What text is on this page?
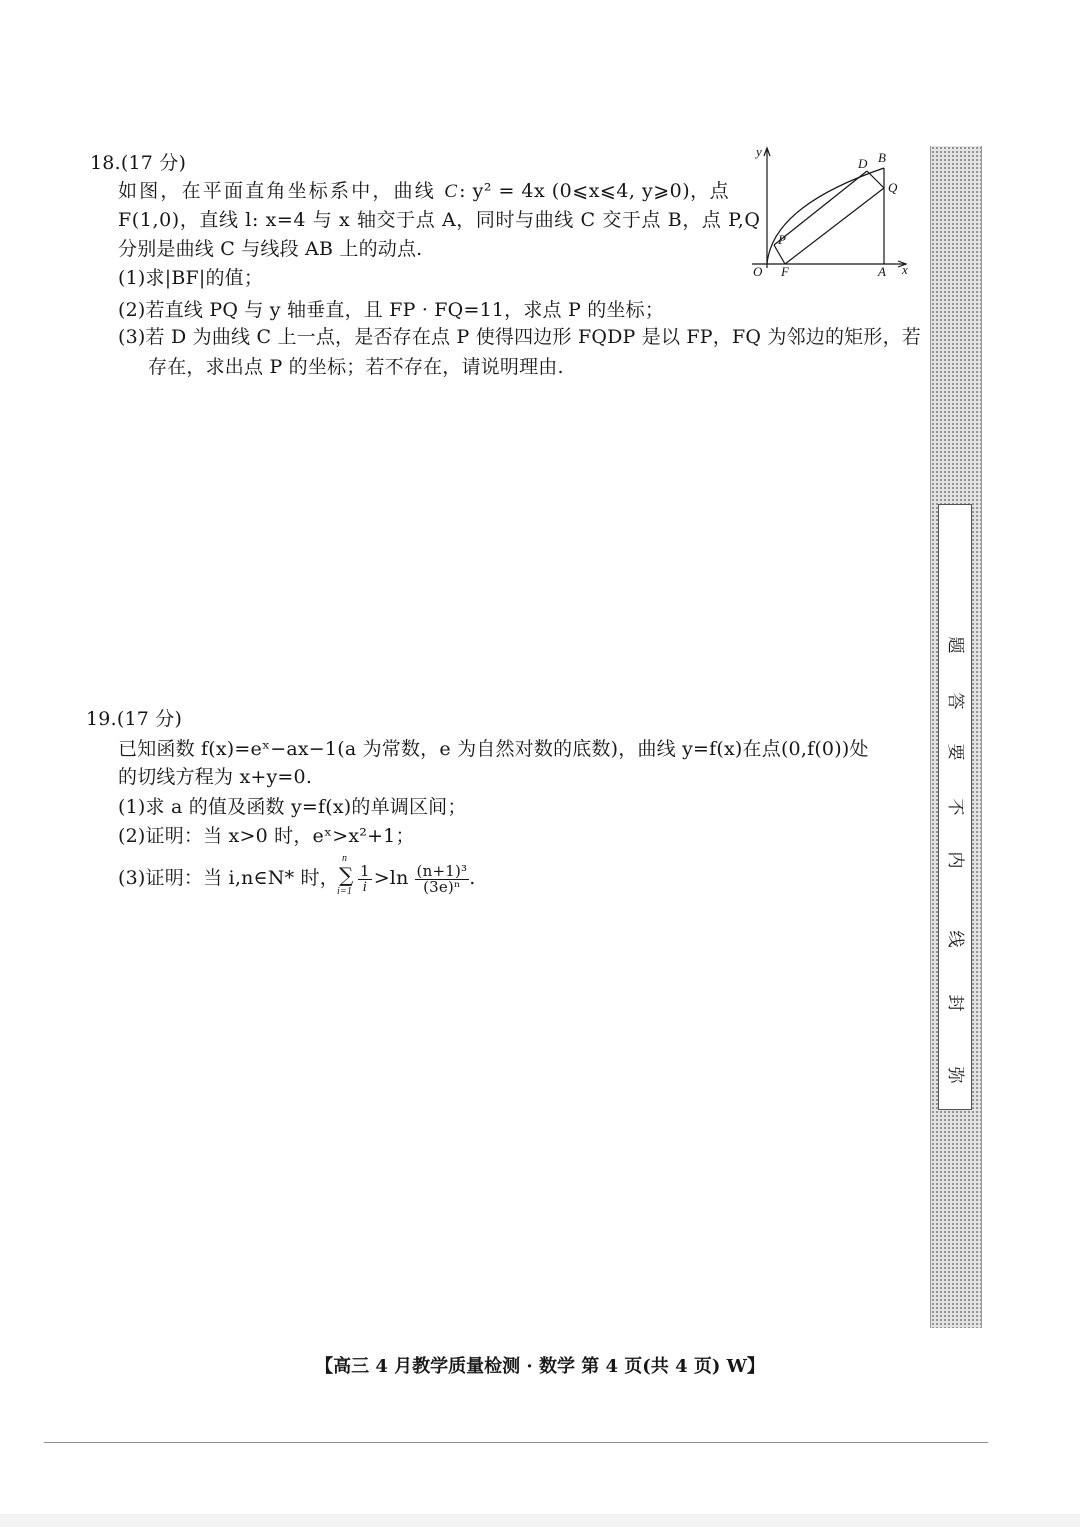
18.(17 分)
如图，在平面直角坐标系中，曲线 C: y² = 4x (0⩽x⩽4, y⩾0)，点
F(1,0)，直线 l: x=4 与 x 轴交于点 A，同时与曲线 C 交于点 B，点 P,Q
分别是曲线 C 与线段 AB 上的动点.
(1)求|BF|的值；
(2)若直线 PQ 与 y 轴垂直，且 FP · FQ=11，求点 P 的坐标；
(3)若 D 为曲线 C 上一点，是否存在点 P 使得四边形 FQDP 是以 FP，FQ 为邻边的矩形，若
存在，求出点 P 的坐标；若不存在，请说明理由.
y
x
O F	A
B
D
Q
P
19.(17 分)
已知函数 f(x)=eˣ−ax−1(a 为常数，e 为自然对数的底数)，曲线 y=f(x)在点(0,f(0))处
的切线方程为 x+y=0.
(1)求 a 的值及函数 y=f(x)的单调区间；
(2)证明：当 x>0 时，eˣ>x²+1；
(3)证明：当 i,n∈N* 时，
n
∑
$i=1 \frac{1}{i} >\ln \frac{\text{(n+1)³}}{\text{(3e)ⁿ}}$ .
弥
封
线
内
不
要
答
题
【高三 4 月教学质量检测 · 数学 第 4 页(共 4 页) W】
